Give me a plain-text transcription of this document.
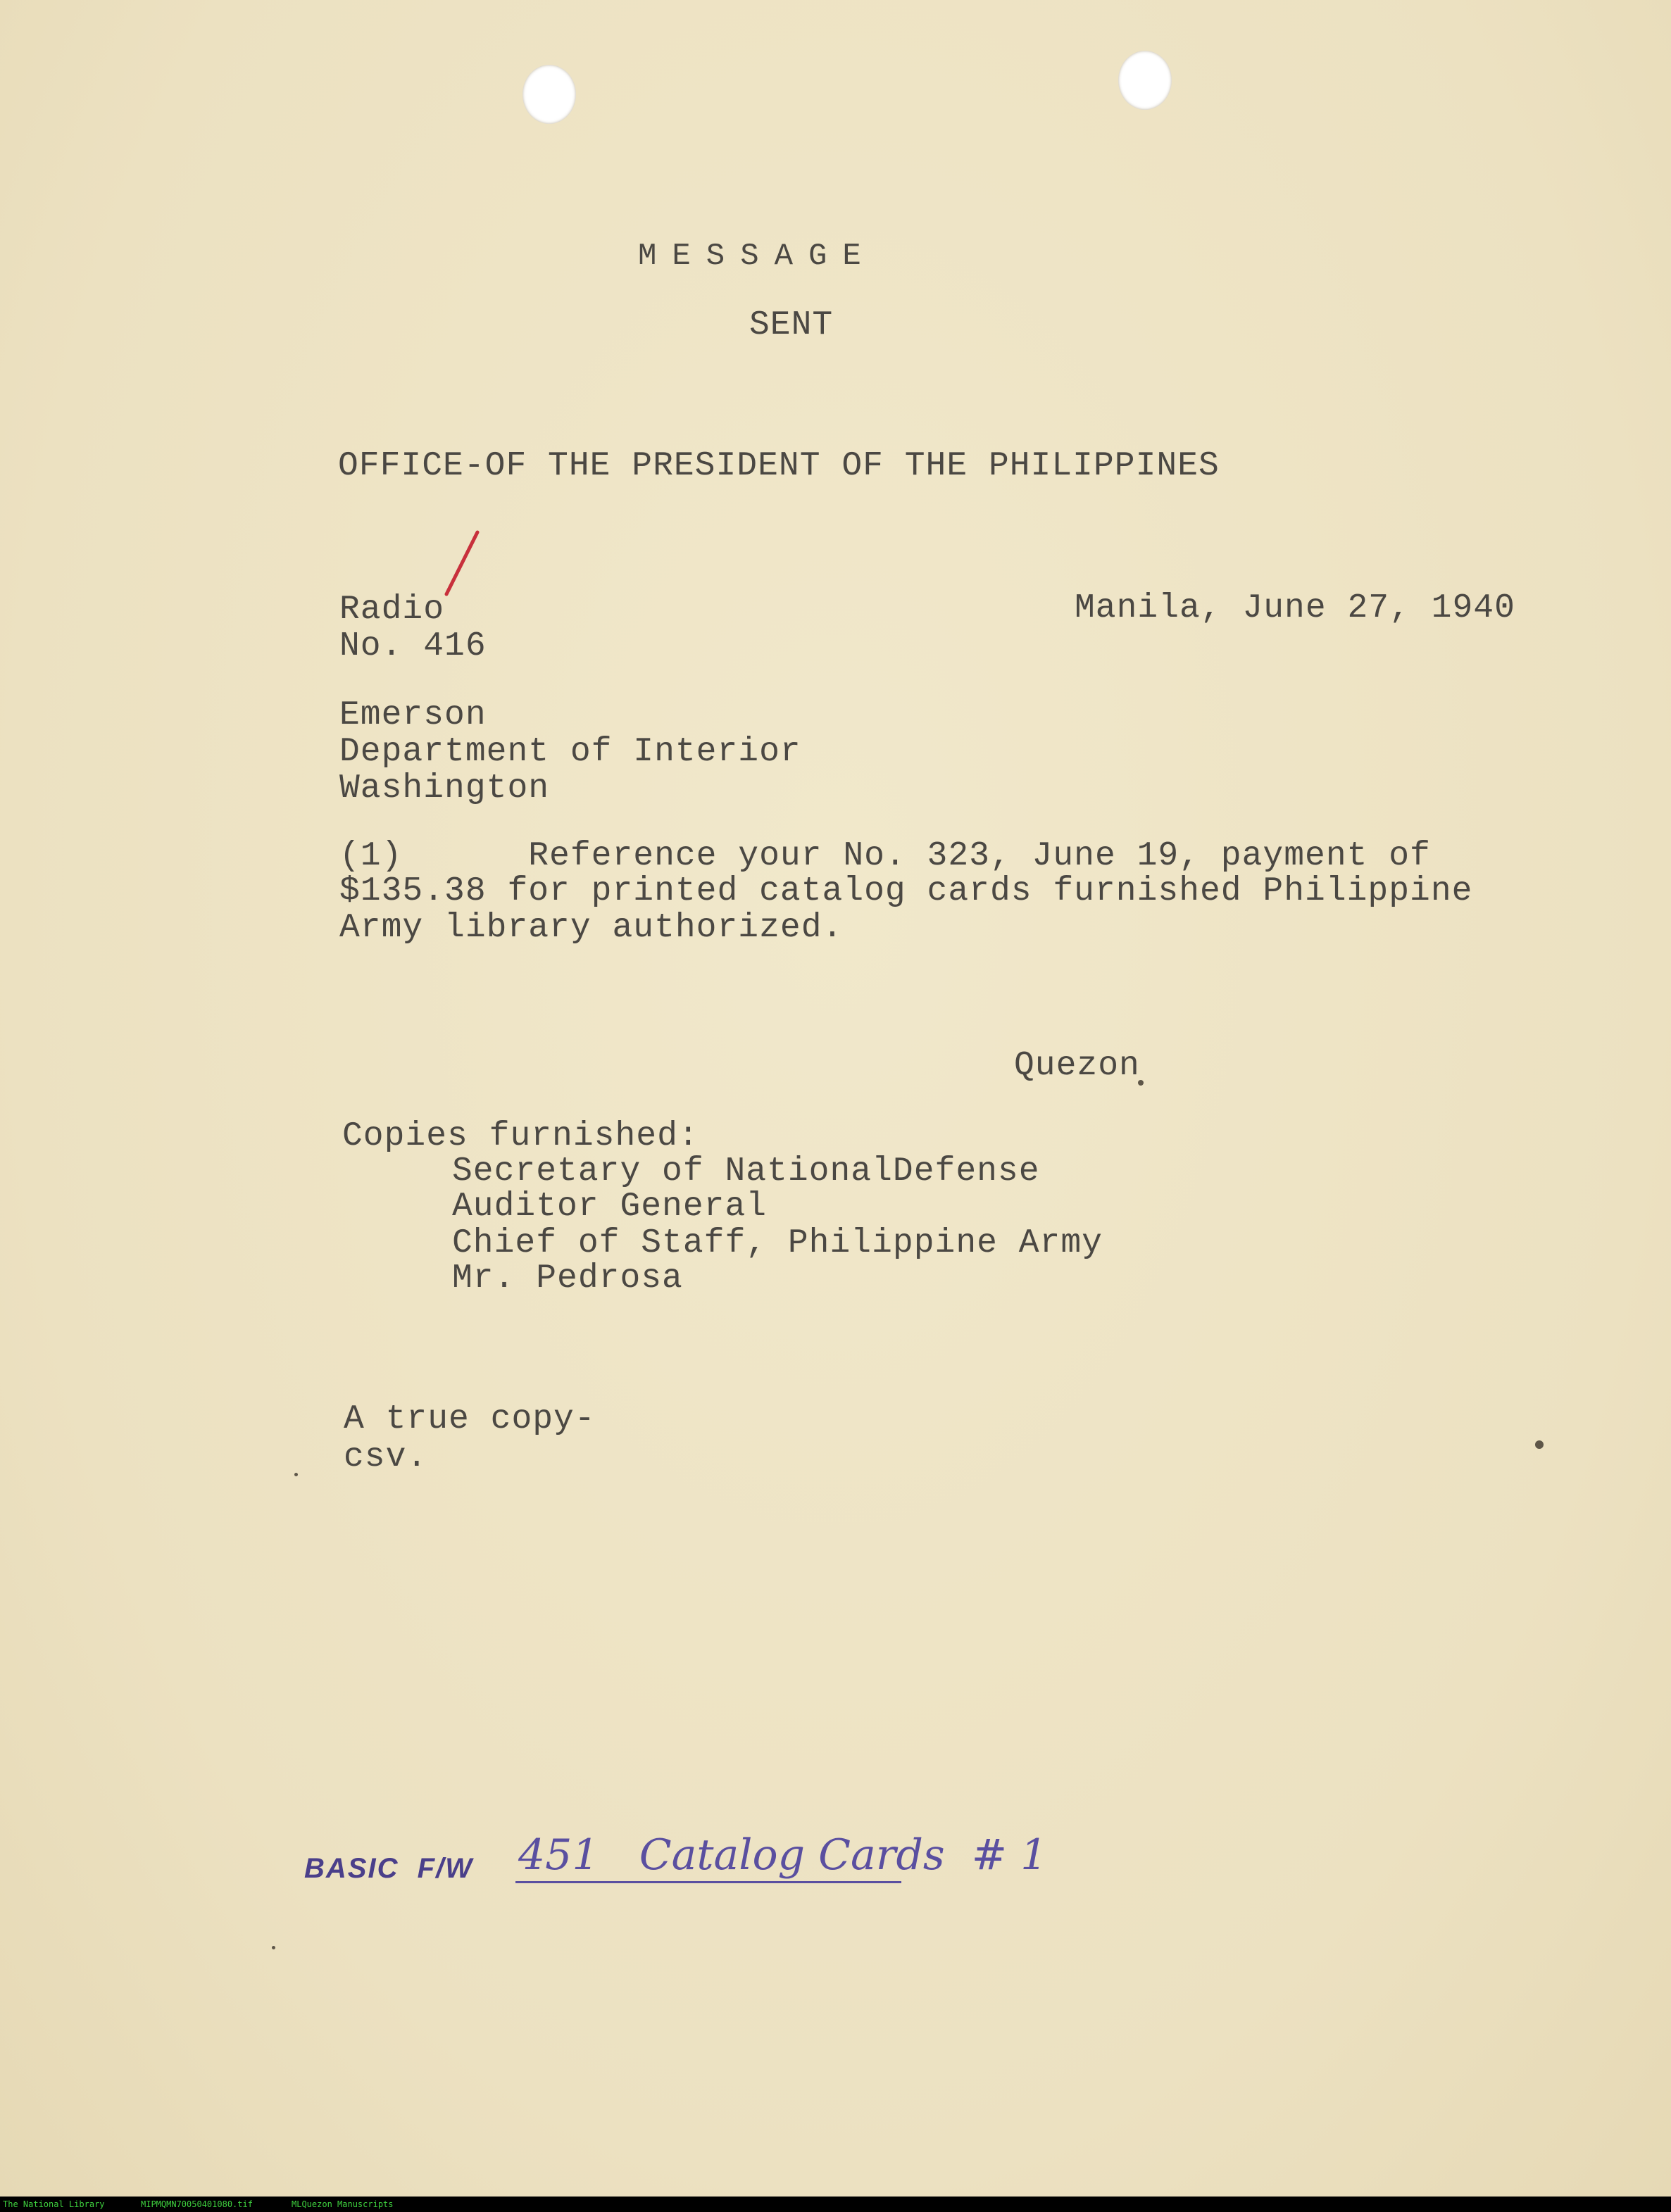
MESSAGE
SENT
OFFICE-OF THE PRESIDENT OF THE PHILIPPINES
Radio
No. 416
Manila, June 27, 1940
Emerson
Department of Interior
Washington
(1)      Reference your No. 323, June 19, payment of
$135.38 for printed catalog cards furnished Philippine
Army library authorized.
Quezon
Copies furnished:
Secretary of NationalDefense
Auditor General
Chief of Staff, Philippine Army
Mr. Pedrosa
A true copy-
csv.
BASIC  F/W 451   Catalog Cards  # 1
The National Library	MIPMQMN70050401080.tif	MLQuezon Manuscripts
